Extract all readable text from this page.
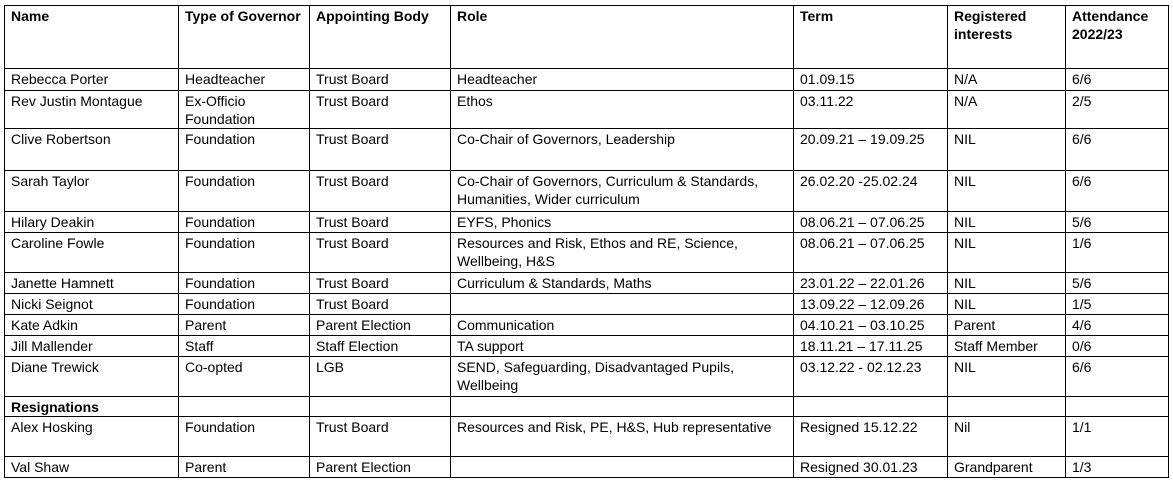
Name	Type of Governor	Appointing Body	Role	Term	Registered interests	Attendance 2022/23
Rebecca Porter	Headteacher	Trust Board	Headteacher	01.09.15	N/A	6/6
Rev Justin Montague	Ex-Officio Foundation	Trust Board	Ethos	03.11.22	N/A	2/5
Clive Robertson	Foundation	Trust Board	Co-Chair of Governors, Leadership	20.09.21 – 19.09.25	NIL	6/6
Sarah Taylor	Foundation	Trust Board	Co-Chair of Governors, Curriculum & Standards, Humanities, Wider curriculum	26.02.20 -25.02.24	NIL	6/6
Hilary Deakin	Foundation	Trust Board	EYFS, Phonics	08.06.21 – 07.06.25	NIL	5/6
Caroline Fowle	Foundation	Trust Board	Resources and Risk, Ethos and RE, Science, Wellbeing, H&S	08.06.21 – 07.06.25	NIL	1/6
Janette Hamnett	Foundation	Trust Board	Curriculum & Standards, Maths	23.01.22 – 22.01.26	NIL	5/6
Nicki Seignot	Foundation	Trust Board		13.09.22 – 12.09.26	NIL	1/5
Kate Adkin	Parent	Parent Election	Communication	04.10.21 – 03.10.25	Parent	4/6
Jill Mallender	Staff	Staff Election	TA support	18.11.21 – 17.11.25	Staff Member	0/6
Diane Trewick	Co-opted	LGB	SEND, Safeguarding, Disadvantaged Pupils, Wellbeing	03.12.22 - 02.12.23	NIL	6/6
Resignations						
Alex Hosking	Foundation	Trust Board	Resources and Risk, PE, H&S, Hub representative	Resigned 15.12.22	Nil	1/1
Val Shaw	Parent	Parent Election		Resigned 30.01.23	Grandparent	1/3
